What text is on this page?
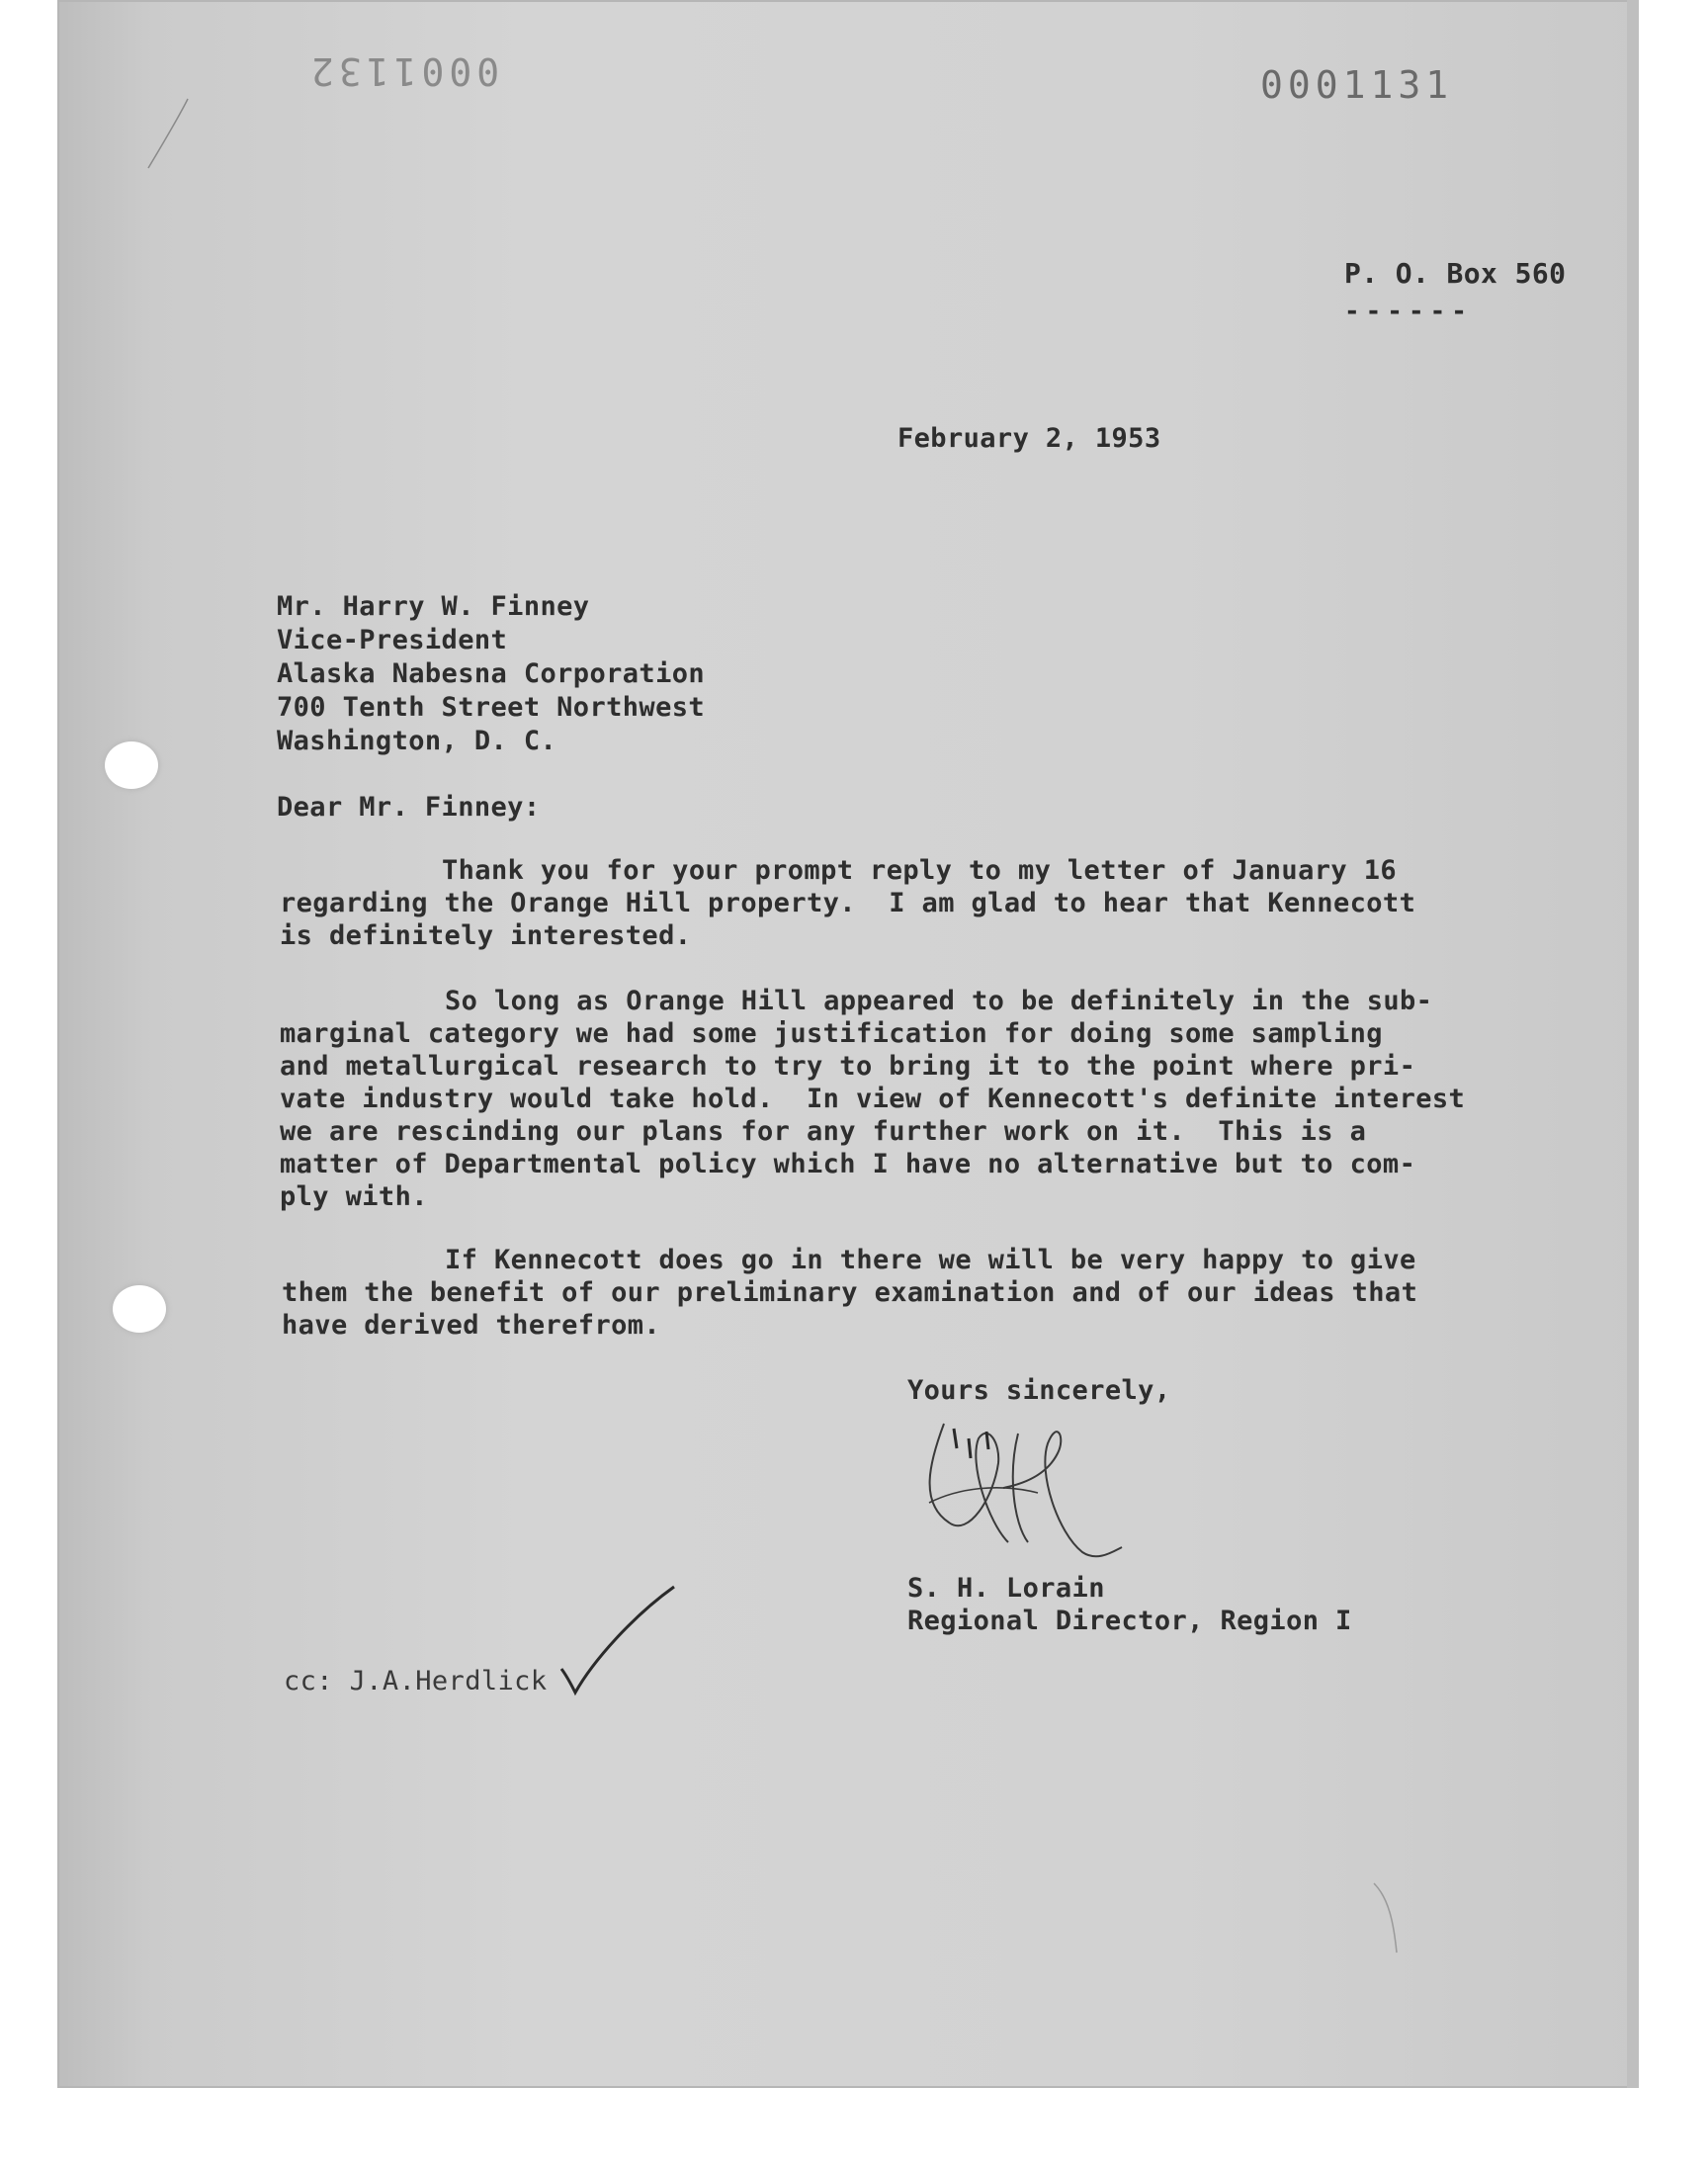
0001132	0001131
P. O. Box 560
------
February 2, 1953
Mr. Harry W. Finney
Vice-President
Alaska Nabesna Corporation
700 Tenth Street Northwest
Washington, D. C.
Dear Mr. Finney:
Thank you for your prompt reply to my letter of January 16
regarding the Orange Hill property.  I am glad to hear that Kennecott
is definitely interested.
So long as Orange Hill appeared to be definitely in the sub-
marginal category we had some justification for doing some sampling
and metallurgical research to try to bring it to the point where pri-
vate industry would take hold.  In view of Kennecott's definite interest
we are rescinding our plans for any further work on it.  This is a
matter of Departmental policy which I have no alternative but to com-
ply with.
If Kennecott does go in there we will be very happy to give
them the benefit of our preliminary examination and of our ideas that
have derived therefrom.
Yours sincerely,
S. H. Lorain
Regional Director, Region I
cc: J.A.Herdlick
